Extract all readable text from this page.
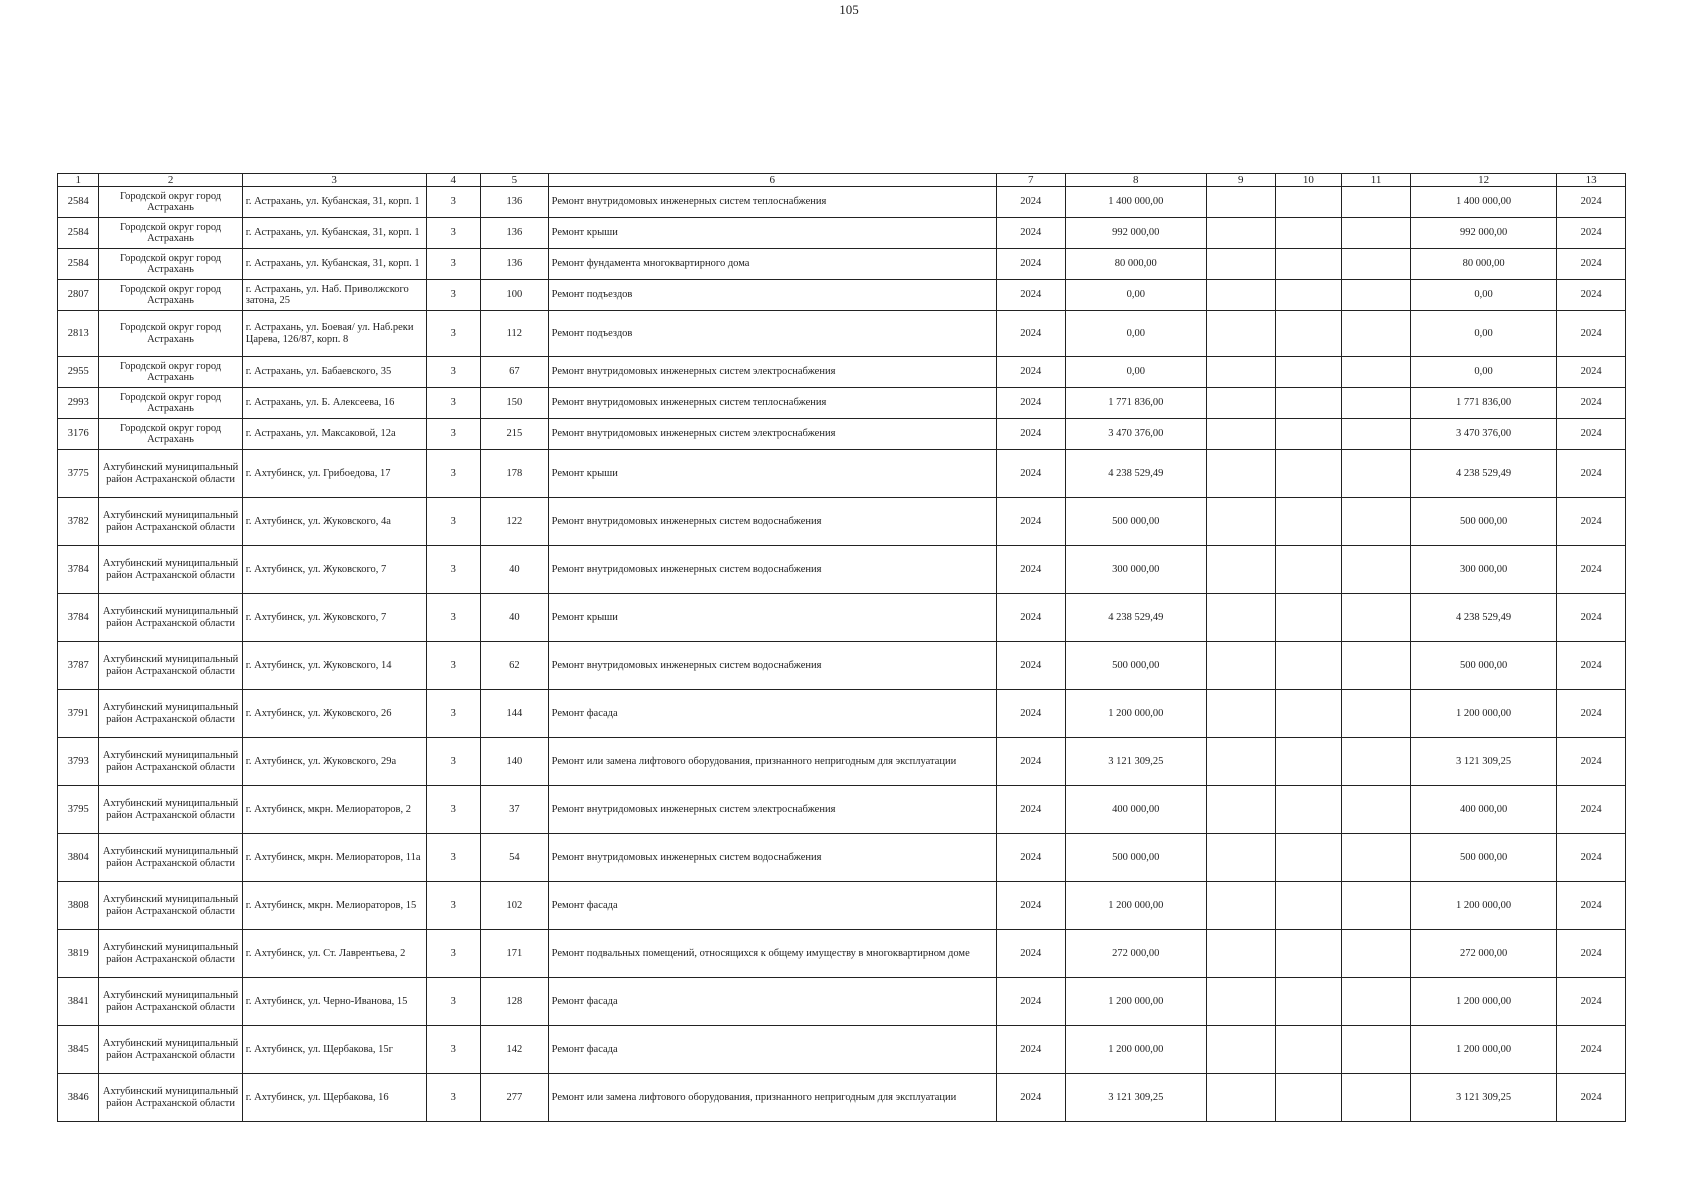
105
1	2	3	4	5	6	7	8	9	10	11	12	13
2584	Городской округ город Астрахань	г. Астрахань, ул. Кубанская, 31, корп. 1	3	136	Ремонт внутридомовых инженерных систем теплоснабжения	2024	1 400 000,00				1 400 000,00	2024
2584	Городской округ город Астрахань	г. Астрахань, ул. Кубанская, 31, корп. 1	3	136	Ремонт крыши	2024	992 000,00				992 000,00	2024
2584	Городской округ город Астрахань	г. Астрахань, ул. Кубанская, 31, корп. 1	3	136	Ремонт фундамента многоквартирного дома	2024	80 000,00				80 000,00	2024
2807	Городской округ город Астрахань	г. Астрахань, ул. Наб. Приволжского затона, 25	3	100	Ремонт подъездов	2024	0,00				0,00	2024
2813	Городской округ город Астрахань	г. Астрахань, ул. Боевая/ ул. Наб.реки Царева, 126/87, корп. 8	3	112	Ремонт подъездов	2024	0,00				0,00	2024
2955	Городской округ город Астрахань	г. Астрахань, ул. Бабаевского, 35	3	67	Ремонт внутридомовых инженерных систем электроснабжения	2024	0,00				0,00	2024
2993	Городской округ город Астрахань	г. Астрахань, ул. Б. Алексеева, 16	3	150	Ремонт внутридомовых инженерных систем теплоснабжения	2024	1 771 836,00				1 771 836,00	2024
3176	Городской округ город Астрахань	г. Астрахань, ул. Максаковой, 12а	3	215	Ремонт внутридомовых инженерных систем электроснабжения	2024	3 470 376,00				3 470 376,00	2024
3775	Ахтубинский муниципальный район Астраханской области	г. Ахтубинск, ул. Грибоедова, 17	3	178	Ремонт крыши	2024	4 238 529,49				4 238 529,49	2024
3782	Ахтубинский муниципальный район Астраханской области	г. Ахтубинск, ул. Жуковского, 4а	3	122	Ремонт внутридомовых инженерных систем водоснабжения	2024	500 000,00				500 000,00	2024
3784	Ахтубинский муниципальный район Астраханской области	г. Ахтубинск, ул. Жуковского, 7	3	40	Ремонт внутридомовых инженерных систем водоснабжения	2024	300 000,00				300 000,00	2024
3784	Ахтубинский муниципальный район Астраханской области	г. Ахтубинск, ул. Жуковского, 7	3	40	Ремонт крыши	2024	4 238 529,49				4 238 529,49	2024
3787	Ахтубинский муниципальный район Астраханской области	г. Ахтубинск, ул. Жуковского, 14	3	62	Ремонт внутридомовых инженерных систем водоснабжения	2024	500 000,00				500 000,00	2024
3791	Ахтубинский муниципальный район Астраханской области	г. Ахтубинск, ул. Жуковского, 26	3	144	Ремонт фасада	2024	1 200 000,00				1 200 000,00	2024
3793	Ахтубинский муниципальный район Астраханской области	г. Ахтубинск, ул. Жуковского, 29а	3	140	Ремонт или замена лифтового оборудования, признанного непригодным для эксплуатации	2024	3 121 309,25				3 121 309,25	2024
3795	Ахтубинский муниципальный район Астраханской области	г. Ахтубинск, мкрн. Мелиораторов, 2	3	37	Ремонт внутридомовых инженерных систем электроснабжения	2024	400 000,00				400 000,00	2024
3804	Ахтубинский муниципальный район Астраханской области	г. Ахтубинск, мкрн. Мелиораторов, 11а	3	54	Ремонт внутридомовых инженерных систем водоснабжения	2024	500 000,00				500 000,00	2024
3808	Ахтубинский муниципальный район Астраханской области	г. Ахтубинск, мкрн. Мелиораторов, 15	3	102	Ремонт фасада	2024	1 200 000,00				1 200 000,00	2024
3819	Ахтубинский муниципальный район Астраханской области	г. Ахтубинск, ул. Ст. Лаврентьева, 2	3	171	Ремонт подвальных помещений, относящихся к общему имуществу в многоквартирном доме	2024	272 000,00				272 000,00	2024
3841	Ахтубинский муниципальный район Астраханской области	г. Ахтубинск, ул. Черно-Иванова, 15	3	128	Ремонт фасада	2024	1 200 000,00				1 200 000,00	2024
3845	Ахтубинский муниципальный район Астраханской области	г. Ахтубинск, ул. Щербакова, 15г	3	142	Ремонт фасада	2024	1 200 000,00				1 200 000,00	2024
3846	Ахтубинский муниципальный район Астраханской области	г. Ахтубинск, ул. Щербакова, 16	3	277	Ремонт или замена лифтового оборудования, признанного непригодным для эксплуатации	2024	3 121 309,25				3 121 309,25	2024
